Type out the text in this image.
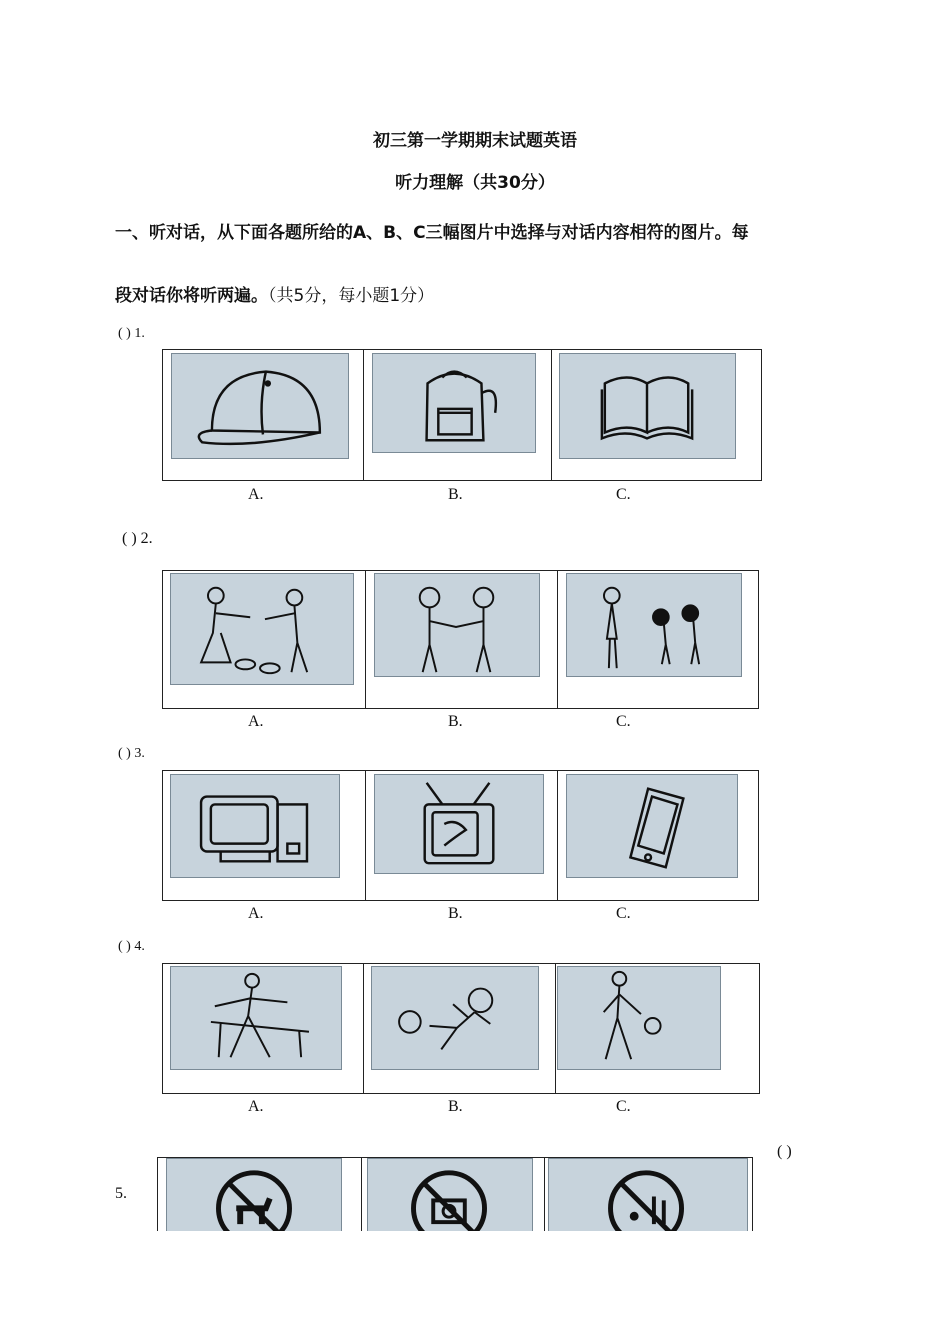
初三第一学期期末试题英语
听力理解（共30分）
一、听对话，从下面各题所给的A、B、C三幅图片中选择与对话内容相符的图片。每
段对话你将听两遍。（共5分，每小题1分）
( ) 1.
A.	B.	C.
( ) 2.
A.	B.	C.
( ) 3.
A.	B.	C.
( ) 4.
A.	B.	C.
( )
5.
